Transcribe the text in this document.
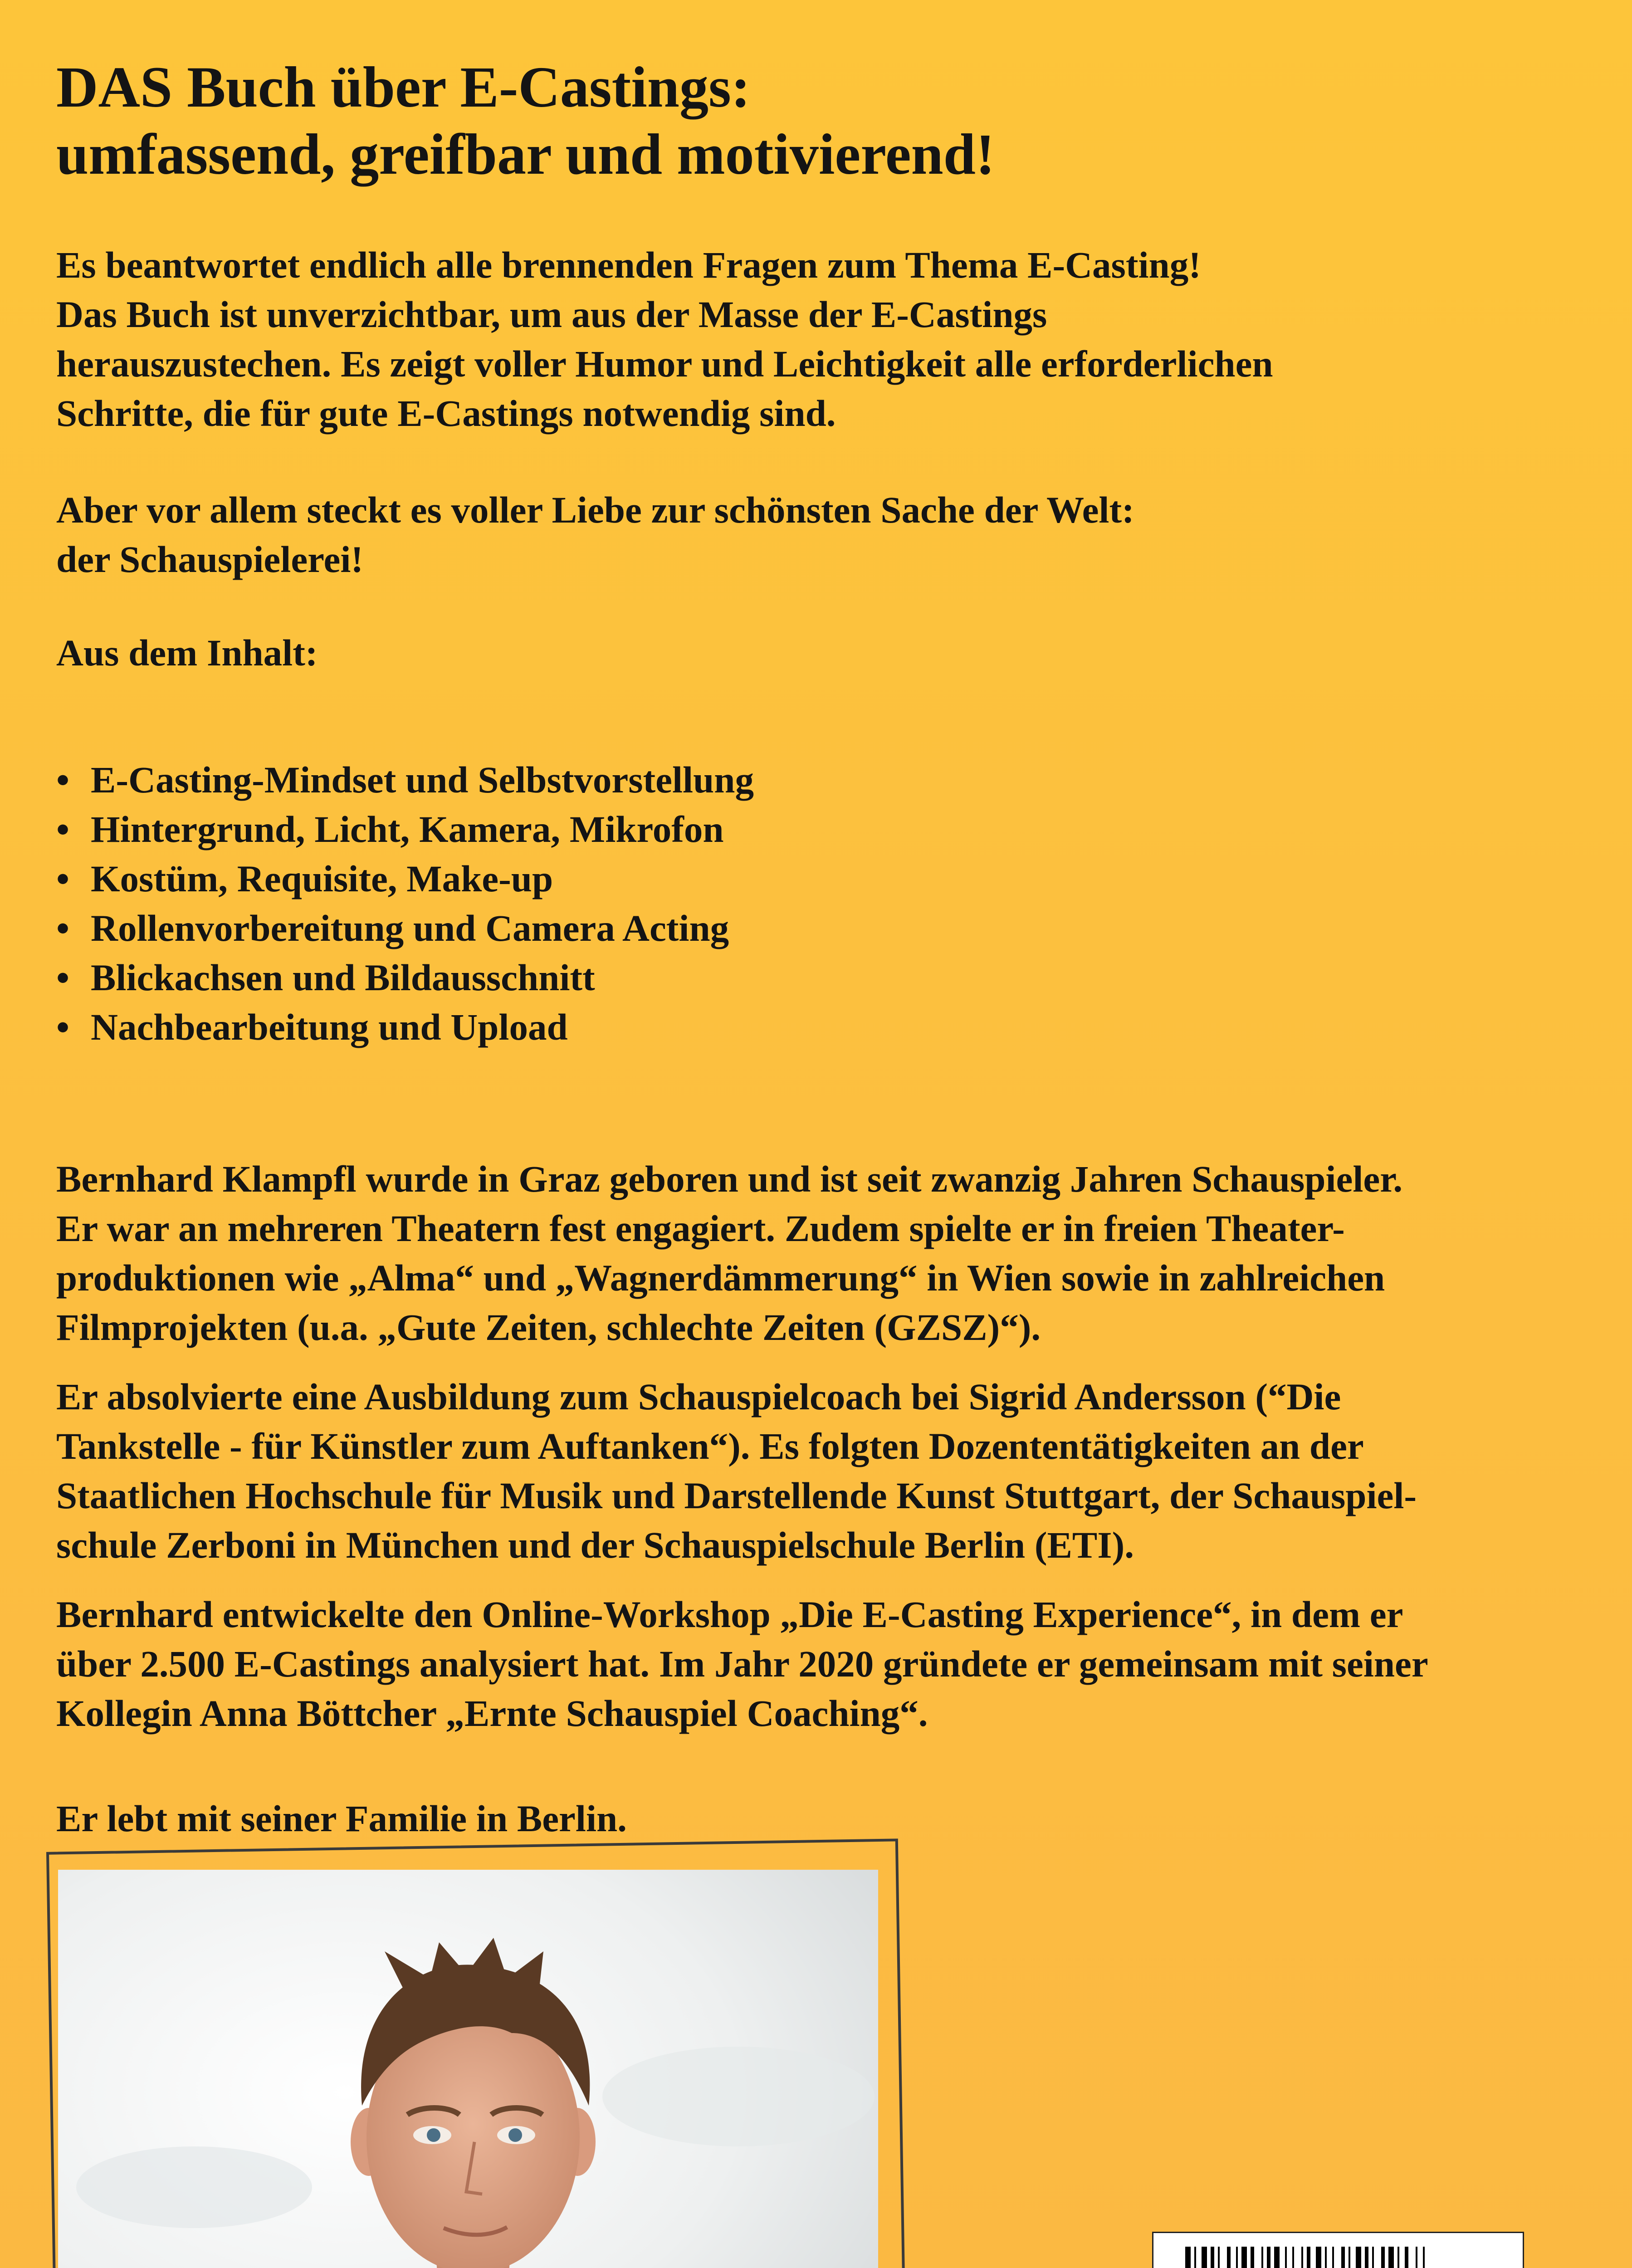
DAS Buch über E-Castings:
umfassend, greifbar und motivierend!

Es beantwortet endlich alle brennenden Fragen zum Thema E-Casting!
Das Buch ist unverzichtbar, um aus der Masse der E-Castings
herauszustechen. Es zeigt voller Humor und Leichtigkeit alle erforderlichen
Schritte, die für gute E-Castings notwendig sind.

Aber vor allem steckt es voller Liebe zur schönsten Sache der Welt:
der Schauspielerei!

Aus dem Inhalt:

• E-Casting-Mindset und Selbstvorstellung
• Hintergrund, Licht, Kamera, Mikrofon
• Kostüm, Requisite, Make-up
• Rollenvorbereitung und Camera Acting
• Blickachsen und Bildausschnitt
• Nachbearbeitung und Upload

Bernhard Klampfl wurde in Graz geboren und ist seit zwanzig Jahren Schauspieler.
Er war an mehreren Theatern fest engagiert. Zudem spielte er in freien Theater-
produktionen wie „Alma“ und „Wagnerdämmerung“ in Wien sowie in zahlreichen
Filmprojekten (u.a. „Gute Zeiten, schlechte Zeiten (GZSZ)“).

Er absolvierte eine Ausbildung zum Schauspielcoach bei Sigrid Andersson (“Die
Tankstelle - für Künstler zum Auftanken“). Es folgten Dozententätigkeiten an der
Staatlichen Hochschule für Musik und Darstellende Kunst Stuttgart, der Schauspiel-
schule Zerboni in München und der Schauspielschule Berlin (ETI).

Bernhard entwickelte den Online-Workshop „Die E-Casting Experience“, in dem er
über 2.500 E-Castings analysiert hat. Im Jahr 2020 gründete er gemeinsam mit seiner
Kollegin Anna Böttcher „Ernte Schauspiel Coaching“.

Er lebt mit seiner Familie in Berlin.
